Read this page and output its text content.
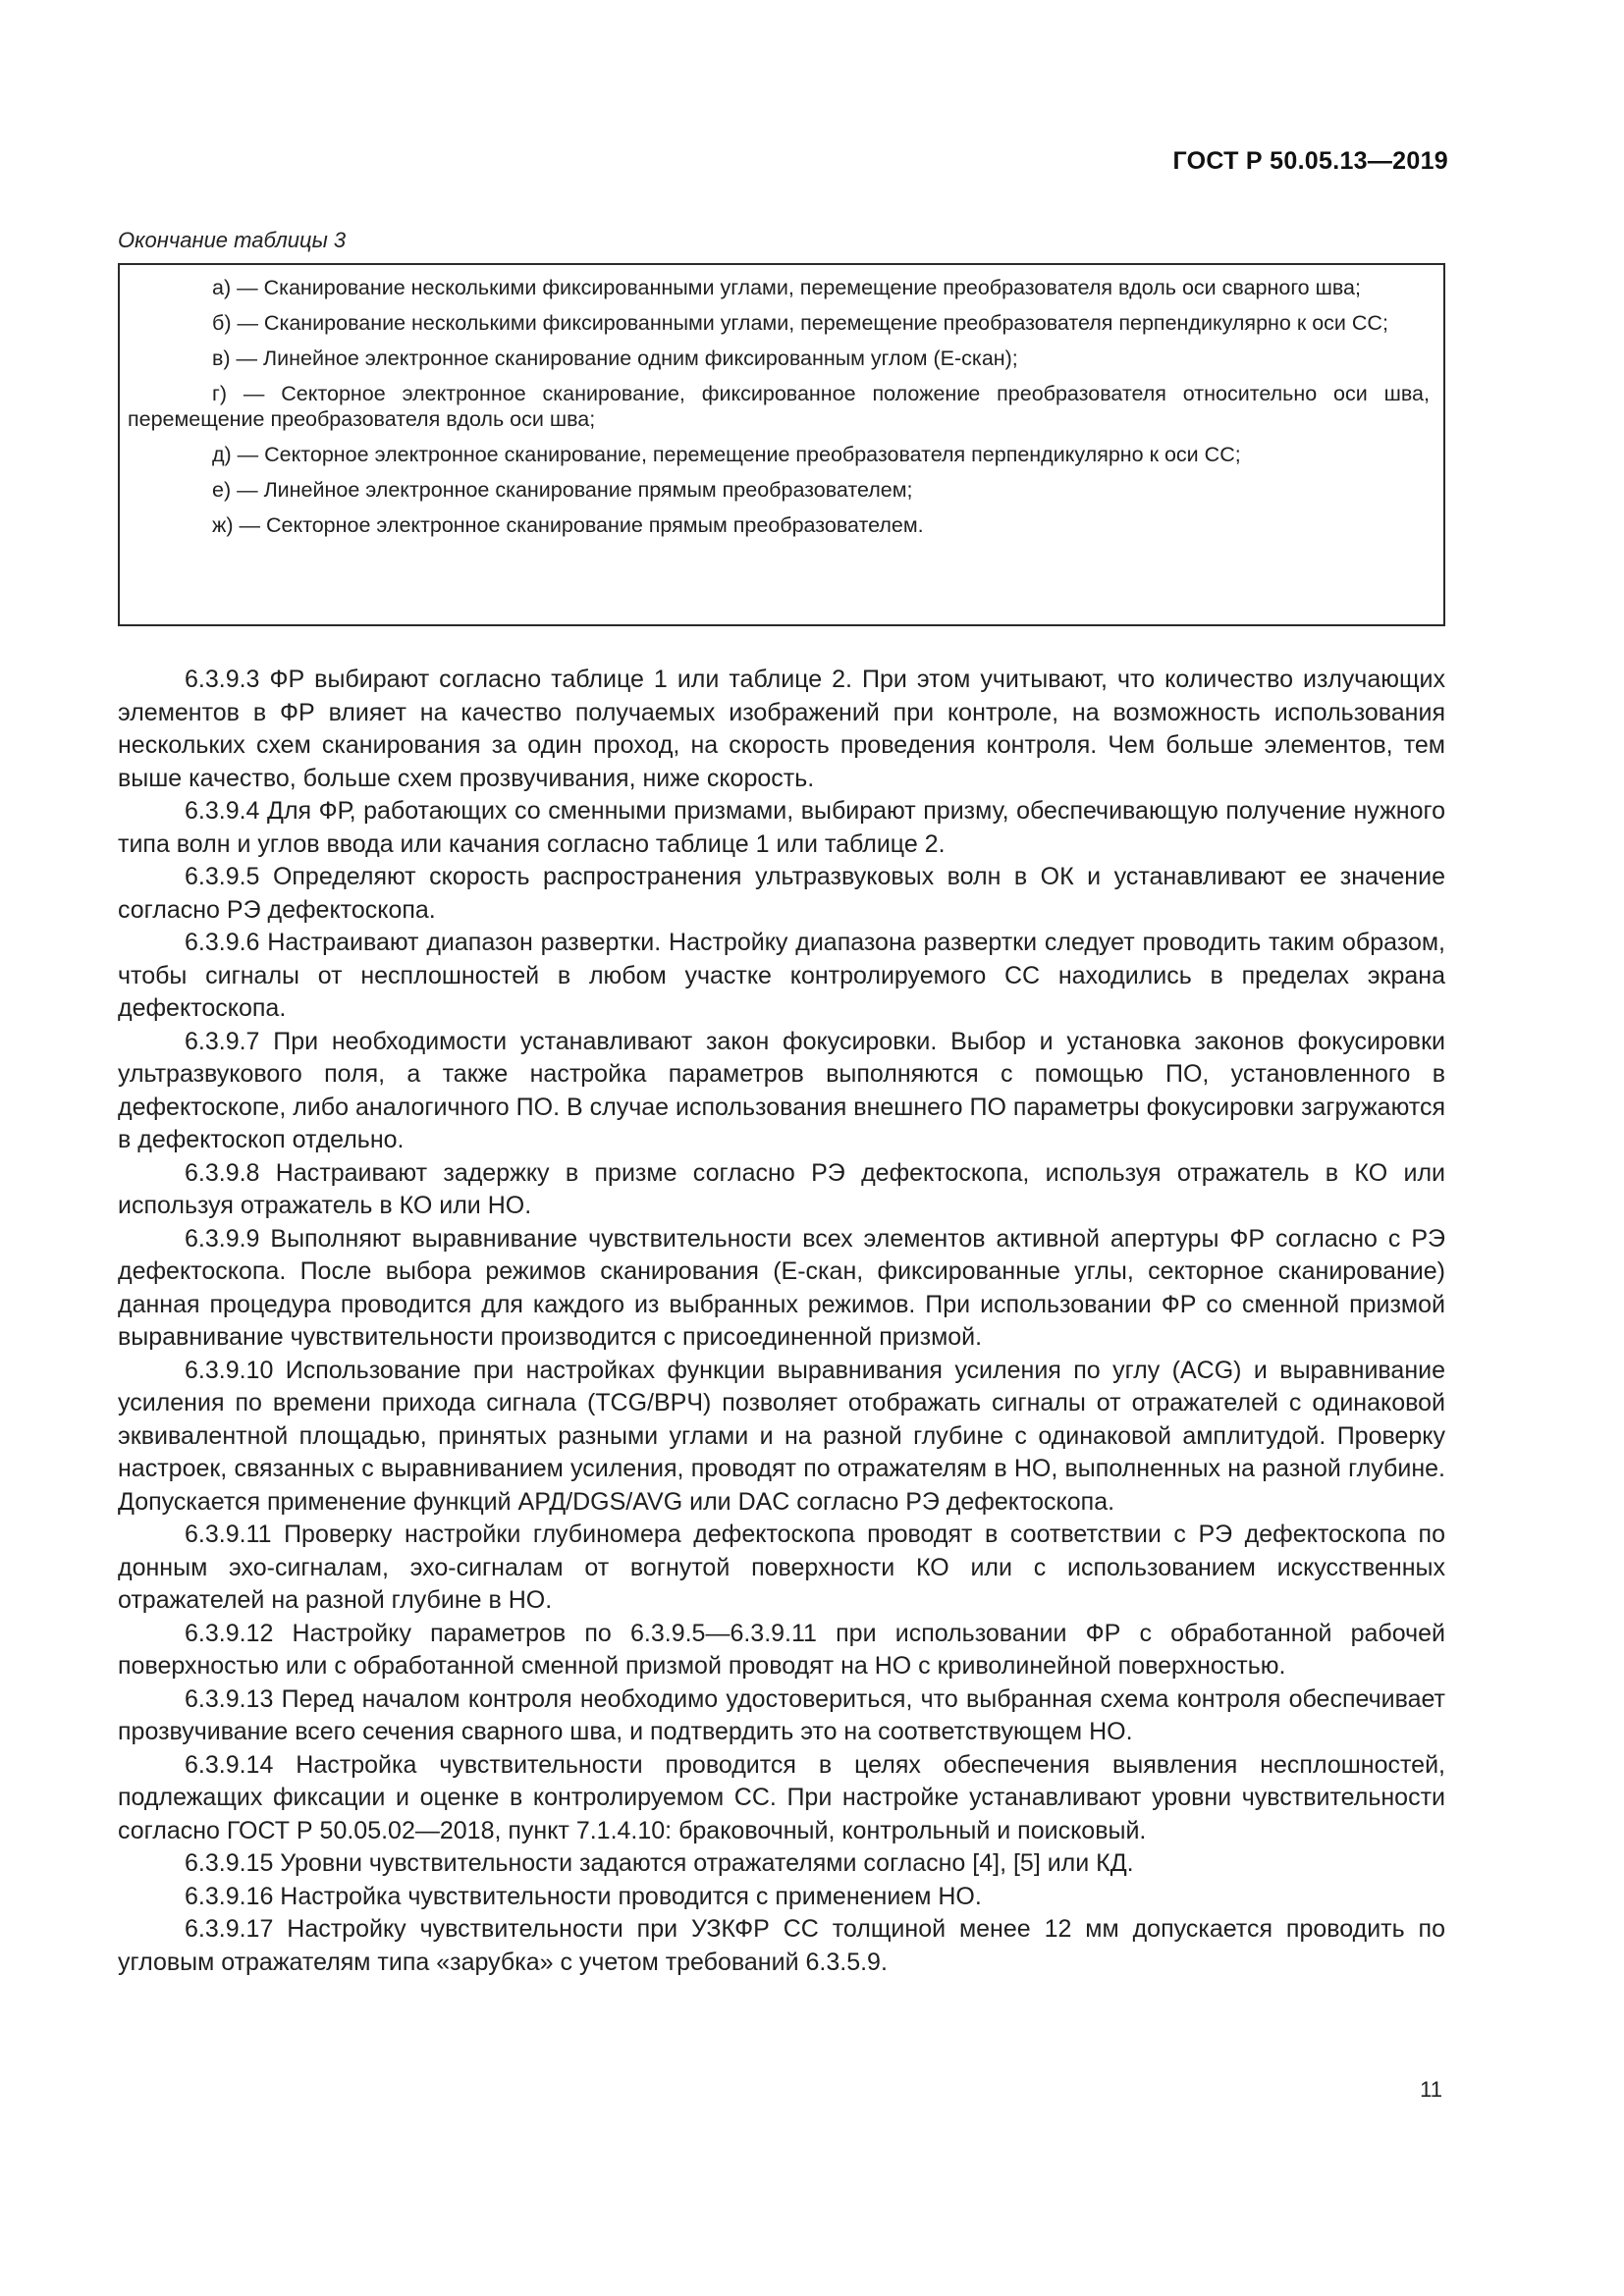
ГОСТ Р 50.05.13—2019
Окончание таблицы 3

а) — Сканирование несколькими фиксированными углами, перемещение преобразователя вдоль оси сварного шва;

б) — Сканирование несколькими фиксированными углами, перемещение преобразователя перпендикулярно к оси СС;

в) — Линейное электронное сканирование одним фиксированным углом (Е-скан);

г) — Секторное электронное сканирование, фиксированное положение преобразователя относительно оси шва, перемещение преобразователя вдоль оси шва;

д) — Секторное электронное сканирование, перемещение преобразователя перпендикулярно к оси СС;

е) — Линейное электронное сканирование прямым преобразователем;

ж) — Секторное электронное сканирование прямым преобразователем.

6.3.9.3 ФР выбирают согласно таблице 1 или таблице 2. При этом учитывают, что количество излучающих элементов в ФР влияет на качество получаемых изображений при контроле, на возможность использования нескольких схем сканирования за один проход, на скорость проведения контроля. Чем больше элементов, тем выше качество, больше схем прозвучивания, ниже скорость.

6.3.9.4 Для ФР, работающих со сменными призмами, выбирают призму, обеспечивающую получение нужного типа волн и углов ввода или качания согласно таблице 1 или таблице 2.

6.3.9.5 Определяют скорость распространения ультразвуковых волн в ОК и устанавливают ее значение согласно РЭ дефектоскопа.

6.3.9.6 Настраивают диапазон развертки. Настройку диапазона развертки следует проводить таким образом, чтобы сигналы от несплошностей в любом участке контролируемого СС находились в пределах экрана дефектоскопа.

6.3.9.7 При необходимости устанавливают закон фокусировки. Выбор и установка законов фокусировки ультразвукового поля, а также настройка параметров выполняются с помощью ПО, установленного в дефектоскопе, либо аналогичного ПО. В случае использования внешнего ПО параметры фокусировки загружаются в дефектоскоп отдельно.

6.3.9.8 Настраивают задержку в призме согласно РЭ дефектоскопа, используя отражатель в КО или используя отражатель в КО или НО.

6.3.9.9 Выполняют выравнивание чувствительности всех элементов активной апертуры ФР согласно с РЭ дефектоскопа. После выбора режимов сканирования (Е-скан, фиксированные углы, секторное сканирование) данная процедура проводится для каждого из выбранных режимов. При использовании ФР со сменной призмой выравнивание чувствительности производится с присоединенной призмой.

6.3.9.10 Использование при настройках функции выравнивания усиления по углу (ACG) и выравнивание усиления по времени прихода сигнала (TCG/ВРЧ) позволяет отображать сигналы от отражателей с одинаковой эквивалентной площадью, принятых разными углами и на разной глубине с одинаковой амплитудой. Проверку настроек, связанных с выравниванием усиления, проводят по отражателям в НО, выполненных на разной глубине. Допускается применение функций АРД/DGS/AVG или DAC согласно РЭ дефектоскопа.

6.3.9.11 Проверку настройки глубиномера дефектоскопа проводят в соответствии с РЭ дефектоскопа по донным эхо-сигналам, эхо-сигналам от вогнутой поверхности КО или с использованием искусственных отражателей на разной глубине в НО.

6.3.9.12 Настройку параметров по 6.3.9.5—6.3.9.11 при использовании ФР с обработанной рабочей поверхностью или с обработанной сменной призмой проводят на НО с криволинейной поверхностью.

6.3.9.13 Перед началом контроля необходимо удостовериться, что выбранная схема контроля обеспечивает прозвучивание всего сечения сварного шва, и подтвердить это на соответствующем НО.

6.3.9.14 Настройка чувствительности проводится в целях обеспечения выявления несплошностей, подлежащих фиксации и оценке в контролируемом СС. При настройке устанавливают уровни чувствительности согласно ГОСТ Р 50.05.02—2018, пункт 7.1.4.10: браковочный, контрольный и поисковый.

6.3.9.15 Уровни чувствительности задаются отражателями согласно [4], [5] или КД.

6.3.9.16 Настройка чувствительности проводится с применением НО.

6.3.9.17 Настройку чувствительности при УЗКФР СС толщиной менее 12 мм допускается проводить по угловым отражателям типа «зарубка» с учетом требований 6.3.5.9.

11
